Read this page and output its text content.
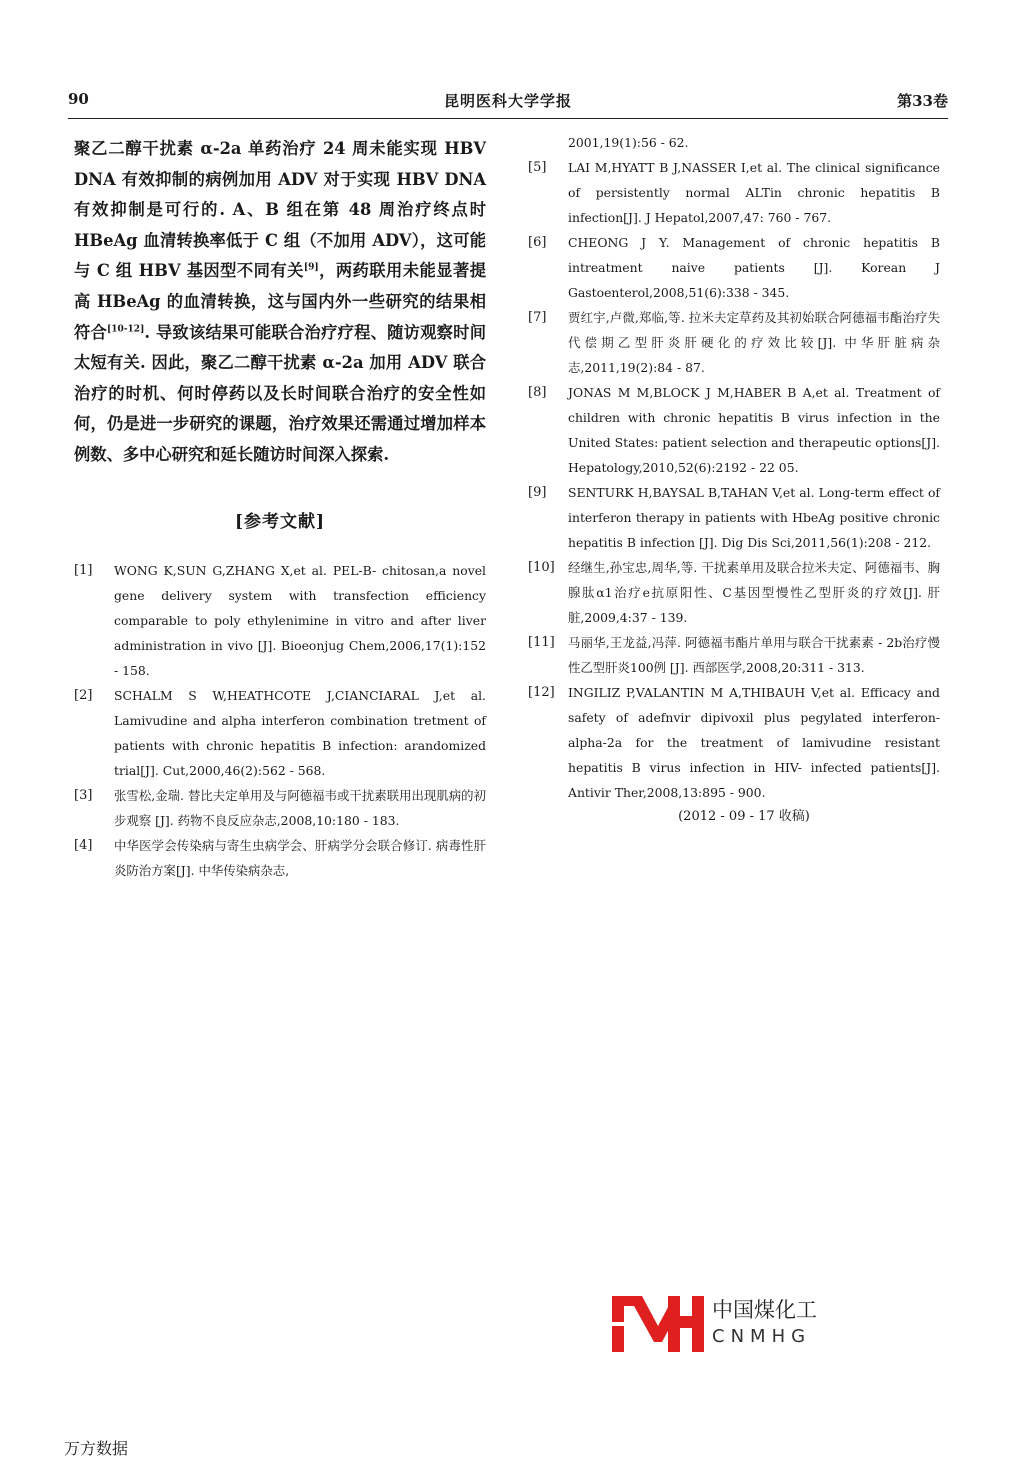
90	昆明医科大学学报	第33卷

聚乙二醇干扰素 α-2a 单药治疗 24 周未能实现 HBV DNA 有效抑制的病例加用 ADV 对于实现 HBV DNA 有效抑制是可行的. A、B 组在第 48 周治疗终点时 HBeAg 血清转换率低于 C 组（不加用 ADV），这可能与 C 组 HBV 基因型不同有关[9]，两药联用未能显著提高 HBeAg 的血清转换，这与国内外一些研究的结果相符合[10-12]. 导致该结果可能联合治疗疗程、随访观察时间太短有关. 因此，聚乙二醇干扰素 α-2a 加用 ADV 联合治疗的时机、何时停药以及长时间联合治疗的安全性如何，仍是进一步研究的课题，治疗效果还需通过增加样本例数、多中心研究和延长随访时间深入探索.

[参考文献]
[1]	WONG K,SUN G,ZHANG X,et al. PEL-B- chitosan,a novel gene delivery system with transfection efficiency comparable to poly ethylenimine in vitro and after liver administration in vivo [J]. Bioeonjug Chem,2006,17(1):152 - 158.
[2]	SCHALM S W,HEATHCOTE J,CIANCIARAL J,et al. Lamivudine and alpha interferon combination tretment of patients with chronic hepatitis B infection: arandomized trial[J]. Cut,2000,46(2):562 - 568.
[3]	张雪松,金瑞. 替比夫定单用及与阿德福韦或干扰素联用出现肌病的初步观察 [J]. 药物不良反应杂志,2008,10:180 - 183.
[4]	中华医学会传染病与寄生虫病学会、肝病学分会联合修订. 病毒性肝炎防治方案[J]. 中华传染病杂志,
2001,19(1):56 - 62.
[5]	LAI M,HYATT B J,NASSER I,et al. The clinical significance of persistently normal ALTin chronic hepatitis B infection[J]. J Hepatol,2007,47: 760 - 767.
[6]	CHEONG J Y. Management of chronic hepatitis B intreatment naive patients [J]. Korean J Gastoenterol,2008,51(6):338 - 345.
[7]	贾红宇,卢微,郑临,等. 拉米夫定草药及其初始联合阿德福韦酯治疗失代偿期乙型肝炎肝硬化的疗效比较[J]. 中华肝脏病杂志,2011,19(2):84 - 87.
[8]	JONAS M M,BLOCK J M,HABER B A,et al. Treatment of children with chronic hepatitis B virus infection in the United States: patient selection and therapeutic options[J]. Hepatology,2010,52(6):2192 - 22 05.
[9]	SENTURK H,BAYSAL B,TAHAN V,et al. Long-term effect of interferon therapy in patients with HbeAg positive chronic hepatitis B infection [J]. Dig Dis Sci,2011,56(1):208 - 212.
[10]	经继生,孙宝忠,周华,等. 干扰素单用及联合拉米夫定、阿德福韦、胸腺肽α1治疗e抗原阳性、C基因型慢性乙型肝炎的疗效[J]. 肝脏,2009,4:37 - 139.
[11]	马丽华,王龙益,冯萍. 阿德福韦酯片单用与联合干扰素素 - 2b治疗慢性乙型肝炎100例 [J]. 西部医学,2008,20:311 - 313.
[12]	INGILIZ P,VALANTIN M A,THIBAUH V,et al. Efficacy and safety of adefnvir dipivoxil plus pegylated interferon-alpha-2a for the treatment of lamivudine resistant hepatitis B virus infection in HIV- infected patients[J]. Antivir Ther,2008,13:895 - 900.
(2012 - 09 - 17 收稿)
中国煤化工
CNMHG
万方数据
